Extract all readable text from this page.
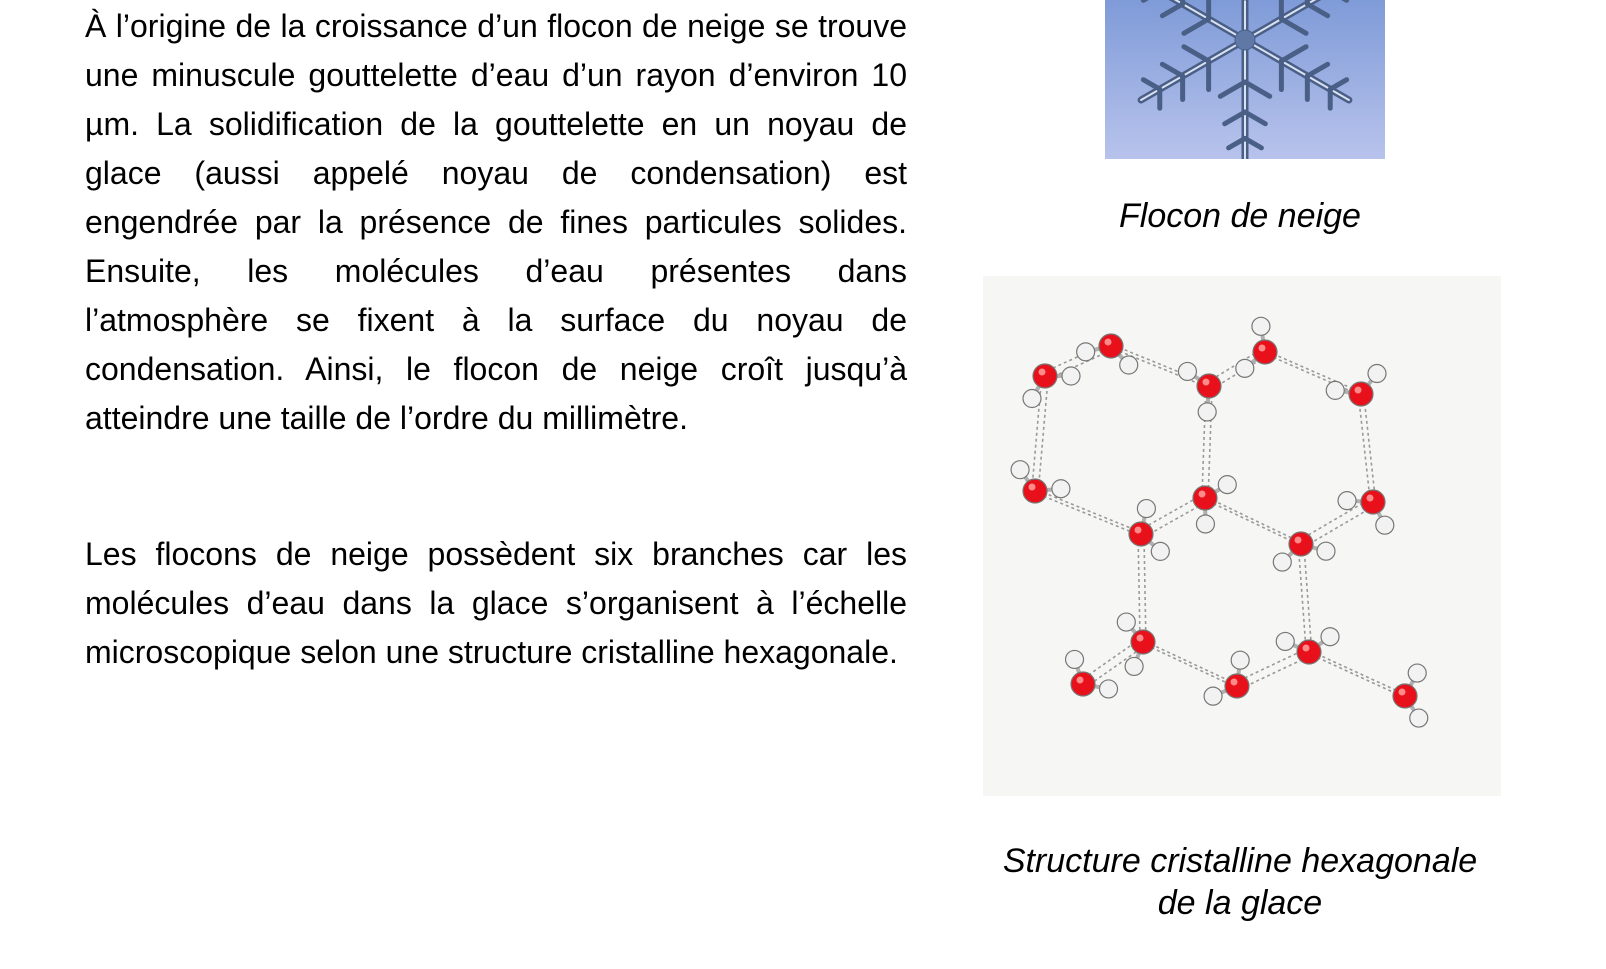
À l’origine de la croissance d’un flocon de neige se trouve une minuscule gouttelette d’eau d’un rayon d’environ 10 µm. La solidification de la gouttelette en un noyau de glace (aussi appelé noyau de condensation) est engendrée par la présence de fines particules solides. Ensuite, les molécules d’eau présentes dans l’atmosphère se fixent à la surface du noyau de condensation. Ainsi, le flocon de neige croît jusqu’à atteindre une taille de l’ordre du millimètre.

Les flocons de neige possèdent six branches car les molécules d’eau dans la glace s’organisent à l’échelle microscopique selon une structure cristalline hexagonale.

Flocon de neige

Structure cristalline hexagonale
de la glace
